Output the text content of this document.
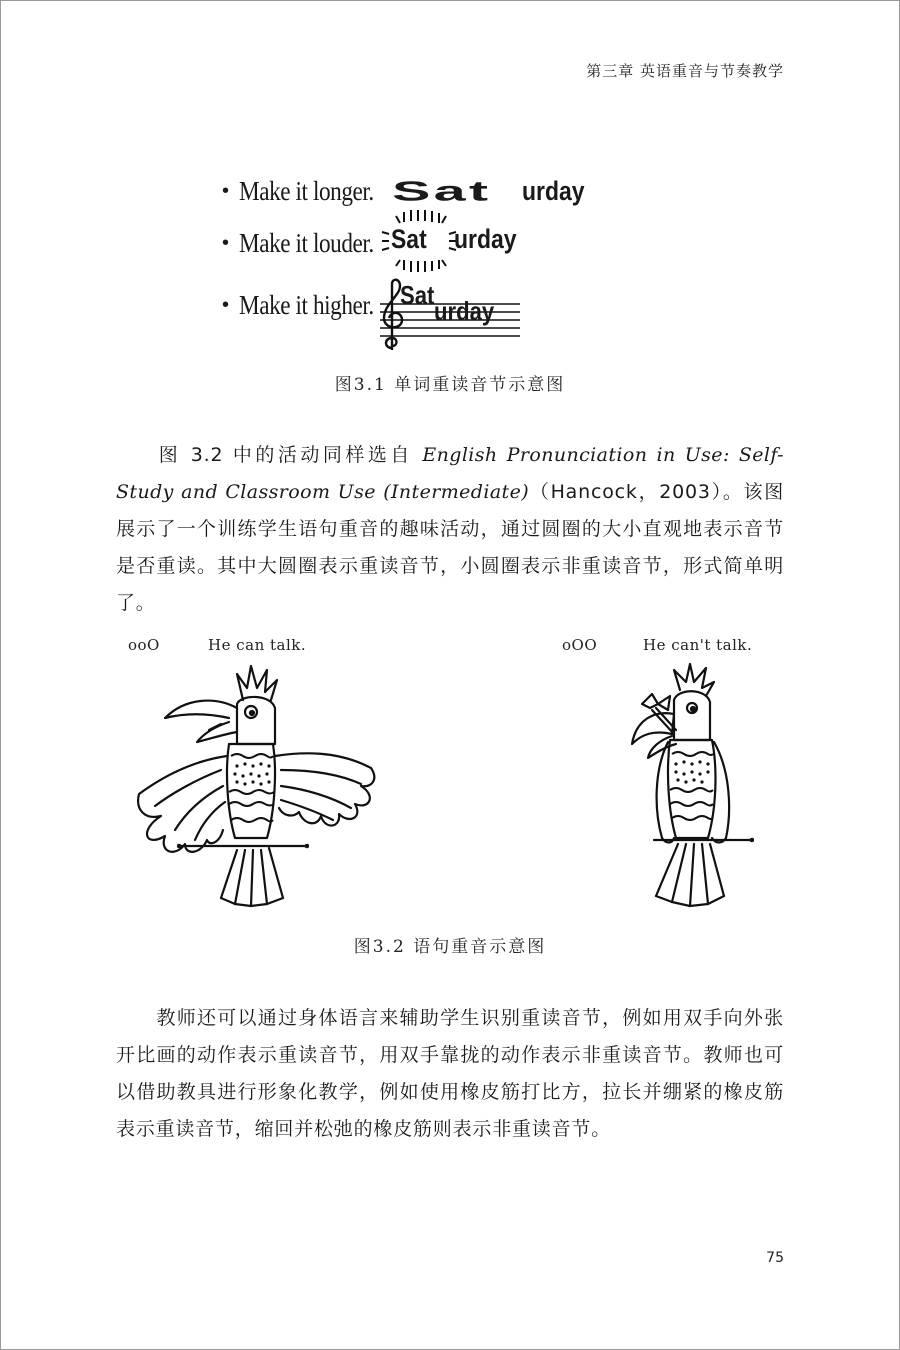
第三章 英语重音与节奏教学
• Make it longer. Sat	urday
• Make it louder. Sat urday
• Make it higher. Sat
urday
图3.1 单词重读音节示意图
图 3.2 中的活动同样选自 English Pronunciation in Use: Self-Study and Classroom Use (Intermediate)（Hancock，2003）。该图展示了一个训练学生语句重音的趣味活动，通过圆圈的大小直观地表示音节是否重读。其中大圆圈表示重读音节，小圆圈表示非重读音节，形式简单明了。
ooO	He can talk.	oOO	He can't talk.
图3.2 语句重音示意图
教师还可以通过身体语言来辅助学生识别重读音节，例如用双手向外张开比画的动作表示重读音节，用双手靠拢的动作表示非重读音节。教师也可以借助教具进行形象化教学，例如使用橡皮筋打比方，拉长并绷紧的橡皮筋表示重读音节，缩回并松弛的橡皮筋则表示非重读音节。
75
